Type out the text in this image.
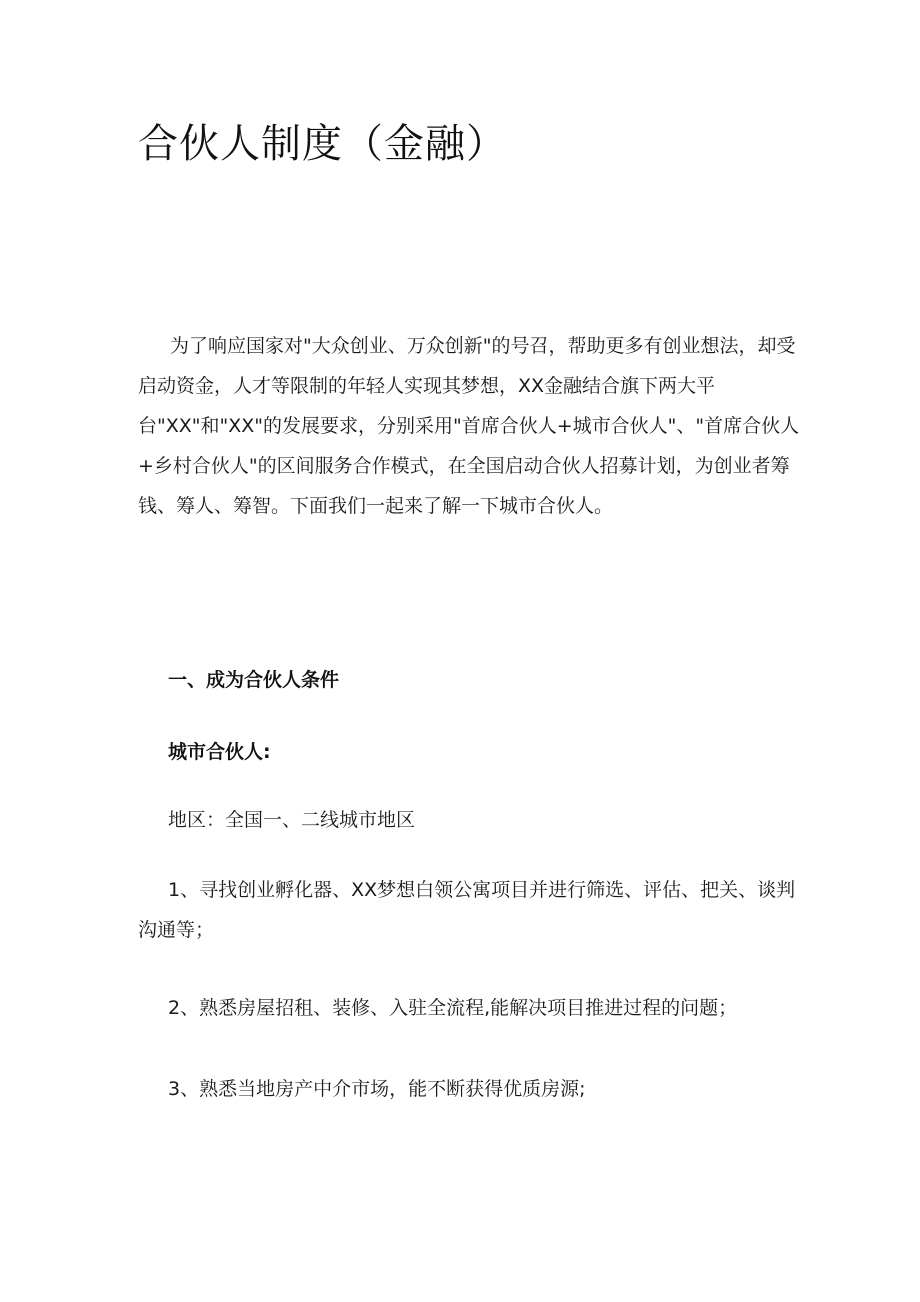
合伙人制度（金融）

为了响应国家对"大众创业、万众创新"的号召，帮助更多有创业想法，却受启动资金，人才等限制的年轻人实现其梦想，XX金融结合旗下两大平台"XX"和"XX"的发展要求，分别采用"首席合伙人+城市合伙人"、"首席合伙人+乡村合伙人"的区间服务合作模式，在全国启动合伙人招募计划，为创业者筹钱、筹人、筹智。下面我们一起来了解一下城市合伙人。

一、成为合伙人条件

城市合伙人:

地区：全国一、二线城市地区

1、寻找创业孵化器、XX梦想白领公寓项目并进行筛选、评估、把关、谈判沟通等；

2、熟悉房屋招租、装修、入驻全流程,能解决项目推进过程的问题；

3、熟悉当地房产中介市场，能不断获得优质房源;
